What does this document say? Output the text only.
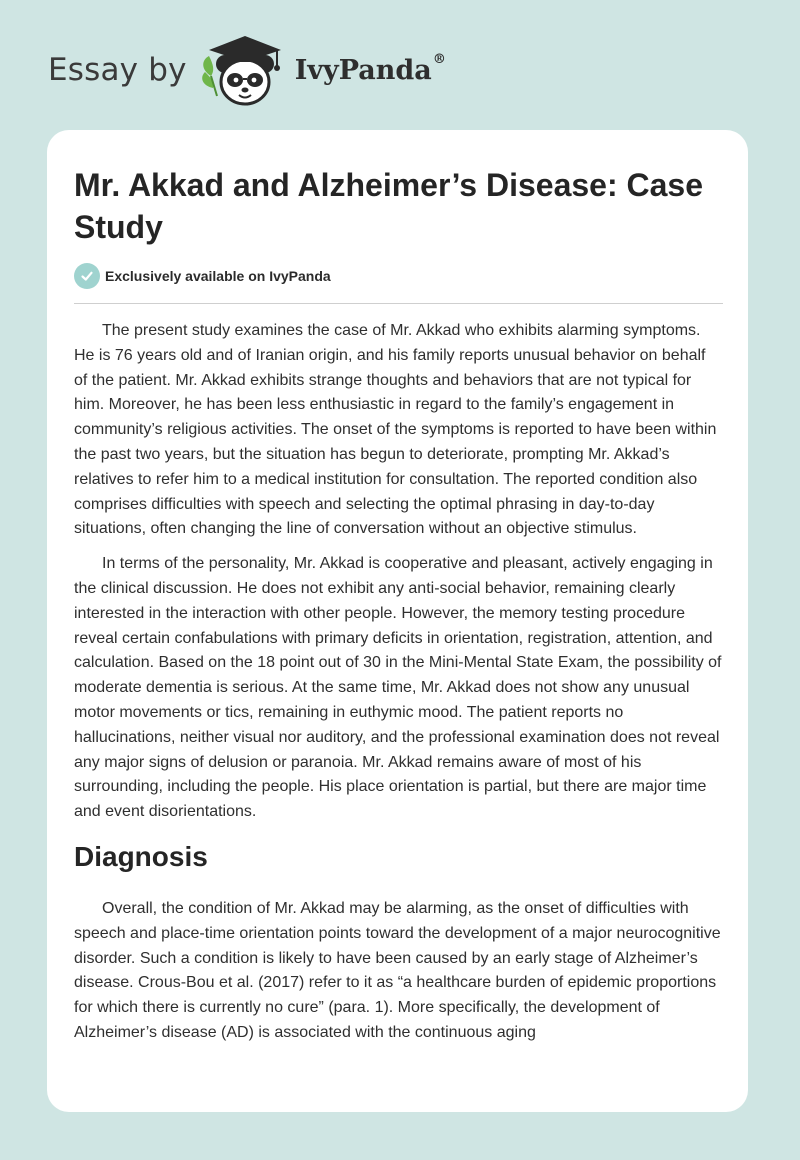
Essay by	IvyPanda®
Mr. Akkad and Alzheimer’s Disease: Case Study
Exclusively available on IvyPanda

The present study examines the case of Mr. Akkad who exhibits alarming symptoms. He is 76 years old and of Iranian origin, and his family reports unusual behavior on behalf of the patient. Mr. Akkad exhibits strange thoughts and behaviors that are not typical for him. Moreover, he has been less enthusiastic in regard to the family’s engagement in community’s religious activities. The onset of the symptoms is reported to have been within the past two years, but the situation has begun to deteriorate, prompting Mr. Akkad’s relatives to refer him to a medical institution for consultation. The reported condition also comprises difficulties with speech and selecting the optimal phrasing in day-to-day situations, often changing the line of conversation without an objective stimulus.

In terms of the personality, Mr. Akkad is cooperative and pleasant, actively engaging in the clinical discussion. He does not exhibit any anti-social behavior, remaining clearly interested in the interaction with other people. However, the memory testing procedure reveal certain confabulations with primary deficits in orientation, registration, attention, and calculation. Based on the 18 point out of 30 in the Mini-Mental State Exam, the possibility of moderate dementia is serious. At the same time, Mr. Akkad does not show any unusual motor movements or tics, remaining in euthymic mood. The patient reports no hallucinations, neither visual nor auditory, and the professional examination does not reveal any major signs of delusion or paranoia. Mr. Akkad remains aware of most of his surrounding, including the people. His place orientation is partial, but there are major time and event disorientations.

Diagnosis

Overall, the condition of Mr. Akkad may be alarming, as the onset of difficulties with speech and place-time orientation points toward the development of a major neurocognitive disorder. Such a condition is likely to have been caused by an early stage of Alzheimer’s disease. Crous-Bou et al. (2017) refer to it as “a healthcare burden of epidemic proportions for which there is currently no cure” (para. 1). More specifically, the development of Alzheimer’s disease (AD) is associated with the continuous aging
